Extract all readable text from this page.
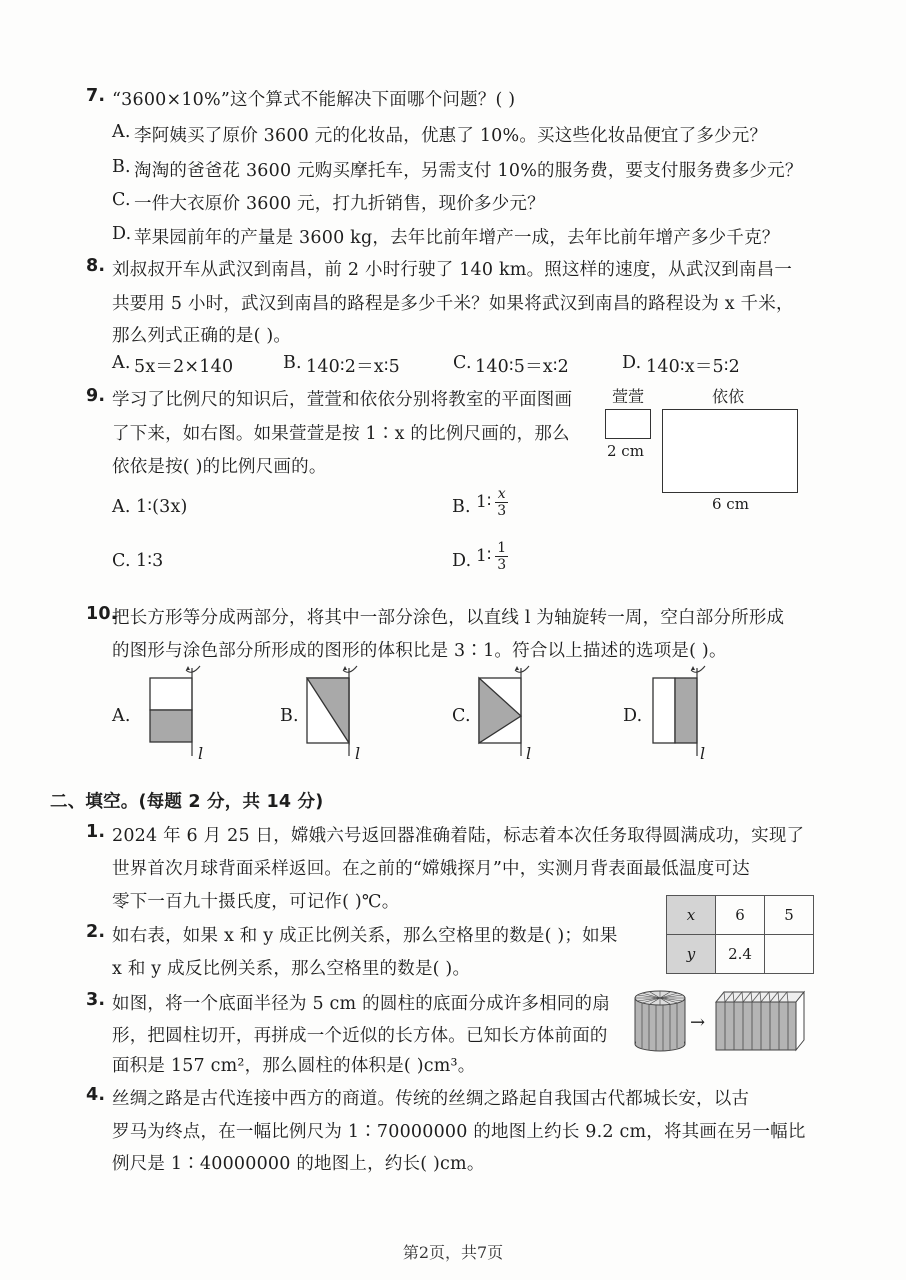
7. “3600×10%”这个算式不能解决下面哪个问题？( )
A. 李阿姨买了原价 3600 元的化妆品，优惠了 10%。买这些化妆品便宜了多少元？
B. 淘淘的爸爸花 3600 元购买摩托车，另需支付 10%的服务费，要支付服务费多少元？
C. 一件大衣原价 3600 元，打九折销售，现价多少元？
D. 苹果园前年的产量是 3600 kg，去年比前年增产一成，去年比前年增产多少千克？
8. 刘叔叔开车从武汉到南昌，前 2 小时行驶了 140 km。照这样的速度，从武汉到南昌一
共要用 5 小时，武汉到南昌的路程是多少千米？如果将武汉到南昌的路程设为 x 千米，
那么列式正确的是( )。
A. 5x＝2×140	B. 140∶2＝x∶5	C. 140∶5＝x∶2	D. 140∶x＝5∶2
9. 学习了比例尺的知识后，萱萱和依依分别将教室的平面图画
了下来，如右图。如果萱萱是按 1∶x 的比例尺画的，那么
依依是按( )的比例尺画的。
萱萱	依依
2 cm
6 cm
A. 1∶(3x)	B. 1∶ $\frac{x}{3}$
C. 1∶3	D. 1∶ $\frac{1}{3}$
10.
把长方形等分成两部分，将其中一部分涂色，以直线 l 为轴旋转一周，空白部分所形成
的图形与涂色部分所形成的图形的体积比是 3∶1。符合以上描述的选项是( )。
A.
l
B.
l
C.
l
D.
l
二、填空。(每题 2 分，共 14 分)
1. 2024 年 6 月 25 日，嫦娥六号返回器准确着陆，标志着本次任务取得圆满成功，实现了
世界首次月球背面采样返回。在之前的“嫦娥探月”中，实测月背表面最低温度可达
零下一百九十摄氏度，可记作( )℃。
2. 如右表，如果 x 和 y 成正比例关系，那么空格里的数是( )；如果
x 和 y 成反比例关系，那么空格里的数是( )。
x	6	5
y	2.4	
3. 如图，将一个底面半径为 5 cm 的圆柱的底面分成许多相同的扇
形，把圆柱切开，再拼成一个近似的长方体。已知长方体前面的
面积是 157 cm²，那么圆柱的体积是( )cm³。
→
4. 丝绸之路是古代连接中西方的商道。传统的丝绸之路起自我国古代都城长安，以古
罗马为终点，在一幅比例尺为 1∶70000000 的地图上约长 9.2 cm，将其画在另一幅比
例尺是 1∶40000000 的地图上，约长( )cm。
第2页，共7页
